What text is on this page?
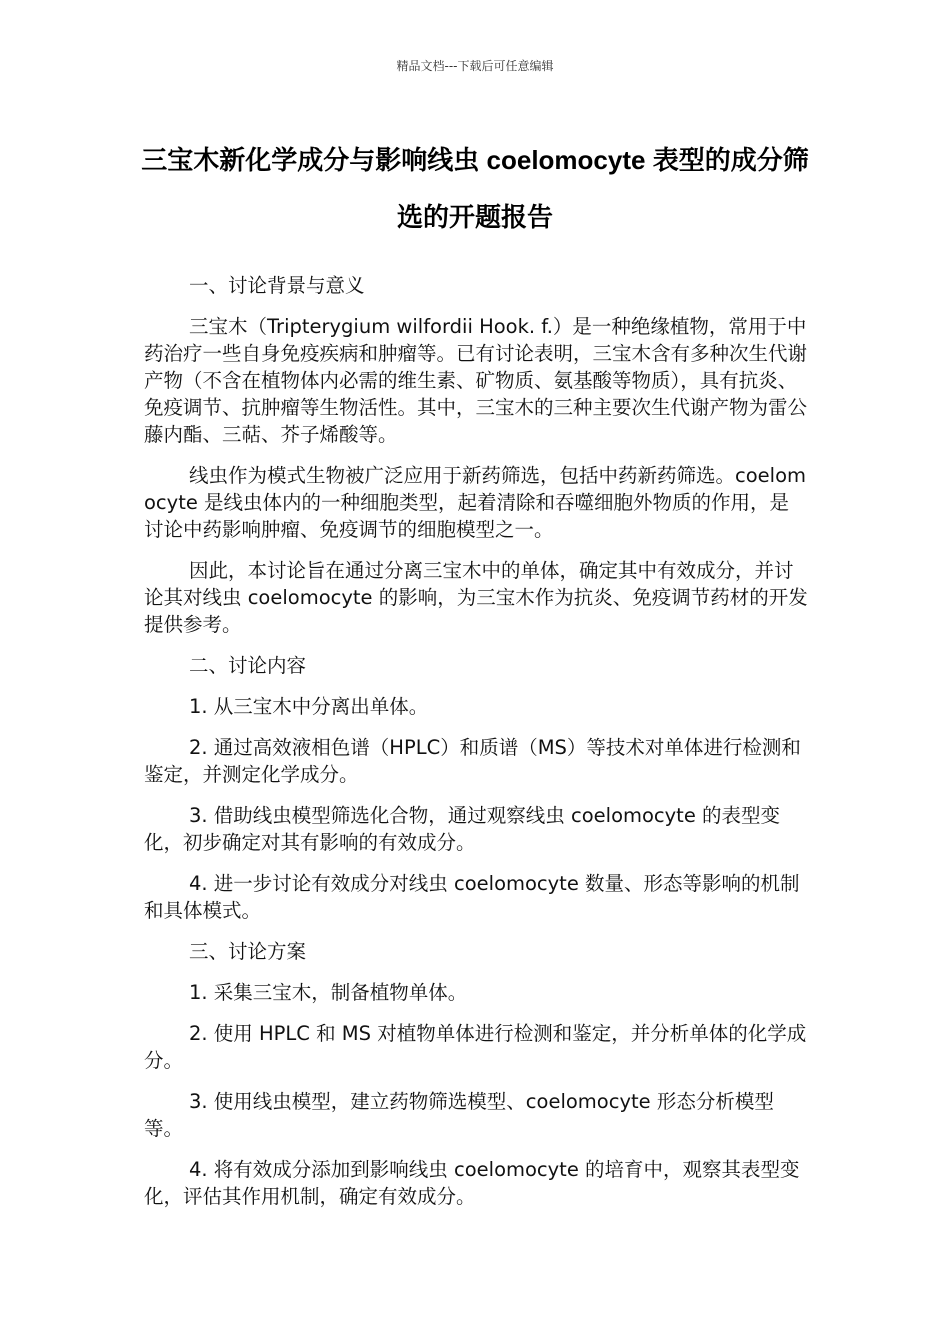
精品文档---下载后可任意编辑
三宝木新化学成分与影响线虫 coelomocyte 表型的成分筛选的开题报告

一、讨论背景与意义

三宝木（Tripterygium wilfordii Hook. f.）是一种绝缘植物，常用于中药治疗一些自身免疫疾病和肿瘤等。已有讨论表明，三宝木含有多种次生代谢产物（不含在植物体内必需的维生素、矿物质、氨基酸等物质），具有抗炎、免疫调节、抗肿瘤等生物活性。其中，三宝木的三种主要次生代谢产物为雷公藤内酯、三萜、芥子烯酸等。

线虫作为模式生物被广泛应用于新药筛选，包括中药新药筛选。coelomocyte 是线虫体内的一种细胞类型，起着清除和吞噬细胞外物质的作用，是讨论中药影响肿瘤、免疫调节的细胞模型之一。

因此，本讨论旨在通过分离三宝木中的单体，确定其中有效成分，并讨论其对线虫 coelomocyte 的影响，为三宝木作为抗炎、免疫调节药材的开发提供参考。

二、讨论内容

1. 从三宝木中分离出单体。

2. 通过高效液相色谱（HPLC）和质谱（MS）等技术对单体进行检测和鉴定，并测定化学成分。

3. 借助线虫模型筛选化合物，通过观察线虫 coelomocyte 的表型变化，初步确定对其有影响的有效成分。

4. 进一步讨论有效成分对线虫 coelomocyte 数量、形态等影响的机制和具体模式。

三、讨论方案

1. 采集三宝木，制备植物单体。

2. 使用 HPLC 和 MS 对植物单体进行检测和鉴定，并分析单体的化学成分。

3. 使用线虫模型，建立药物筛选模型、coelomocyte 形态分析模型等。

4. 将有效成分添加到影响线虫 coelomocyte 的培育中，观察其表型变化，评估其作用机制，确定有效成分。
